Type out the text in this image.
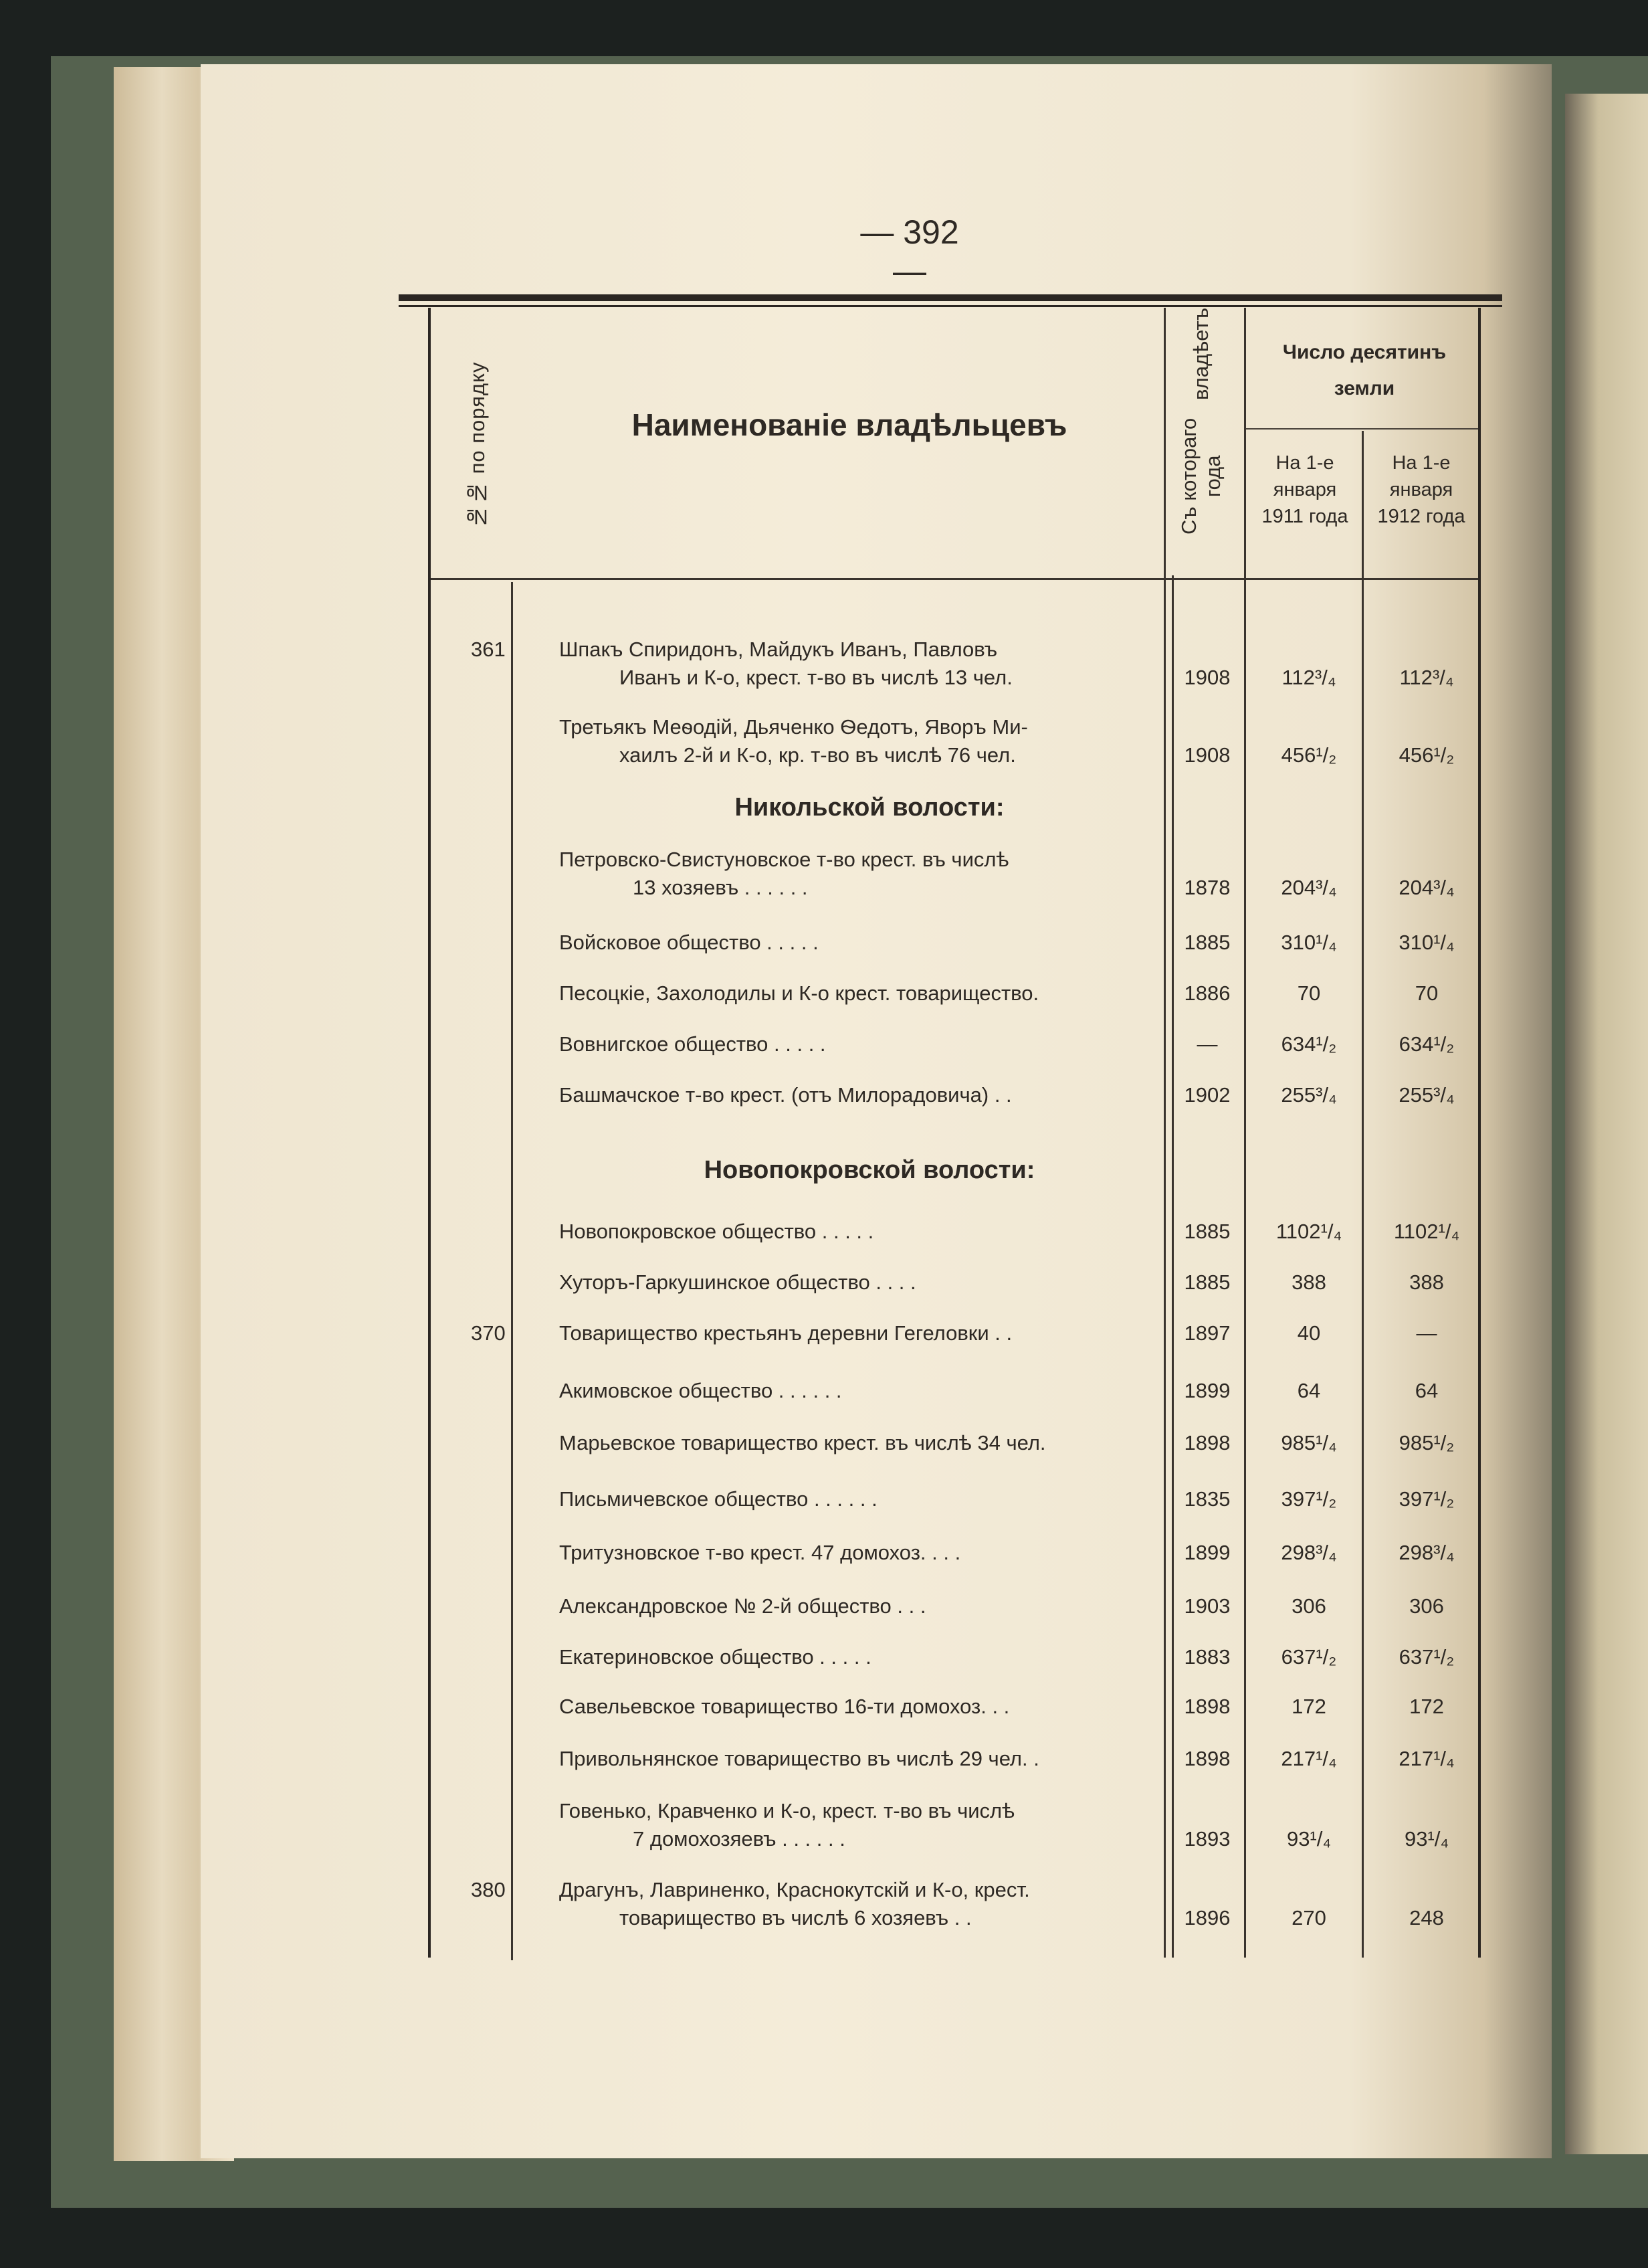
— 392 —
№№ по порядку	Наименованіе владѣльцевъ	Съ котораго года
владѣетъ	Число десятинъ
земли
На 1-е
января
1911 года
На 1-е
января
1912 года
Никольской волости:
Новопокровской волости:
361	Шпакъ Спиридонъ, Майдукъ Иванъ, Павловъ
Иванъ и К-о, крест. т-во въ числѣ 13 чел.	1908	112³/₄	112³/₄
Третьякъ Меѳодій, Дьяченко Ѳедотъ, Яворъ Ми-
хаилъ 2-й и К-о, кр. т-во въ числѣ 76 чел.	1908	456¹/₂	456¹/₂
Петровско-Свистуновское т-во крест. въ числѣ
13 хозяевъ . . . . . .	1878	204³/₄	204³/₄
Войсковое общество . . . . .	1885	310¹/₄	310¹/₄
Песоцкіе, Захолодилы и К-о крест. товарищество.	1886	70	70
Вовнигское общество . . . . .	—	634¹/₂	634¹/₂
Башмачское т-во крест. (отъ Милорадовича) . .	1902	255³/₄	255³/₄
Новопокровское общество . . . . .	1885	1102¹/₄	1102¹/₄
Хуторъ-Гаркушинское общество . . . .	1885	388	388
370	Товарищество крестьянъ деревни Гегеловки . .	1897	40	—
Акимовское общество . . . . . .	1899	64	64
Марьевское товарищество крест. въ числѣ 34 чел.	1898	985¹/₄	985¹/₂
Письмичевское общество . . . . . .	1835	397¹/₂	397¹/₂
Тритузновское т-во крест. 47 домохоз. . . .	1899	298³/₄	298³/₄
Александровское № 2-й общество . . .	1903	306	306
Екатериновское общество . . . . .	1883	637¹/₂	637¹/₂
Савельевское товарищество 16-ти домохоз. . .	1898	172	172
Привольнянское товарищество въ числѣ 29 чел. .	1898	217¹/₄	217¹/₄
Говенько, Кравченко и К-о, крест. т-во въ числѣ
7 домохозяевъ . . . . . .	1893	93¹/₄	93¹/₄
380	Драгунъ, Лавриненко, Краснокутскій и К-о, крест.
товарищество въ числѣ 6 хозяевъ . .	1896	270	248
